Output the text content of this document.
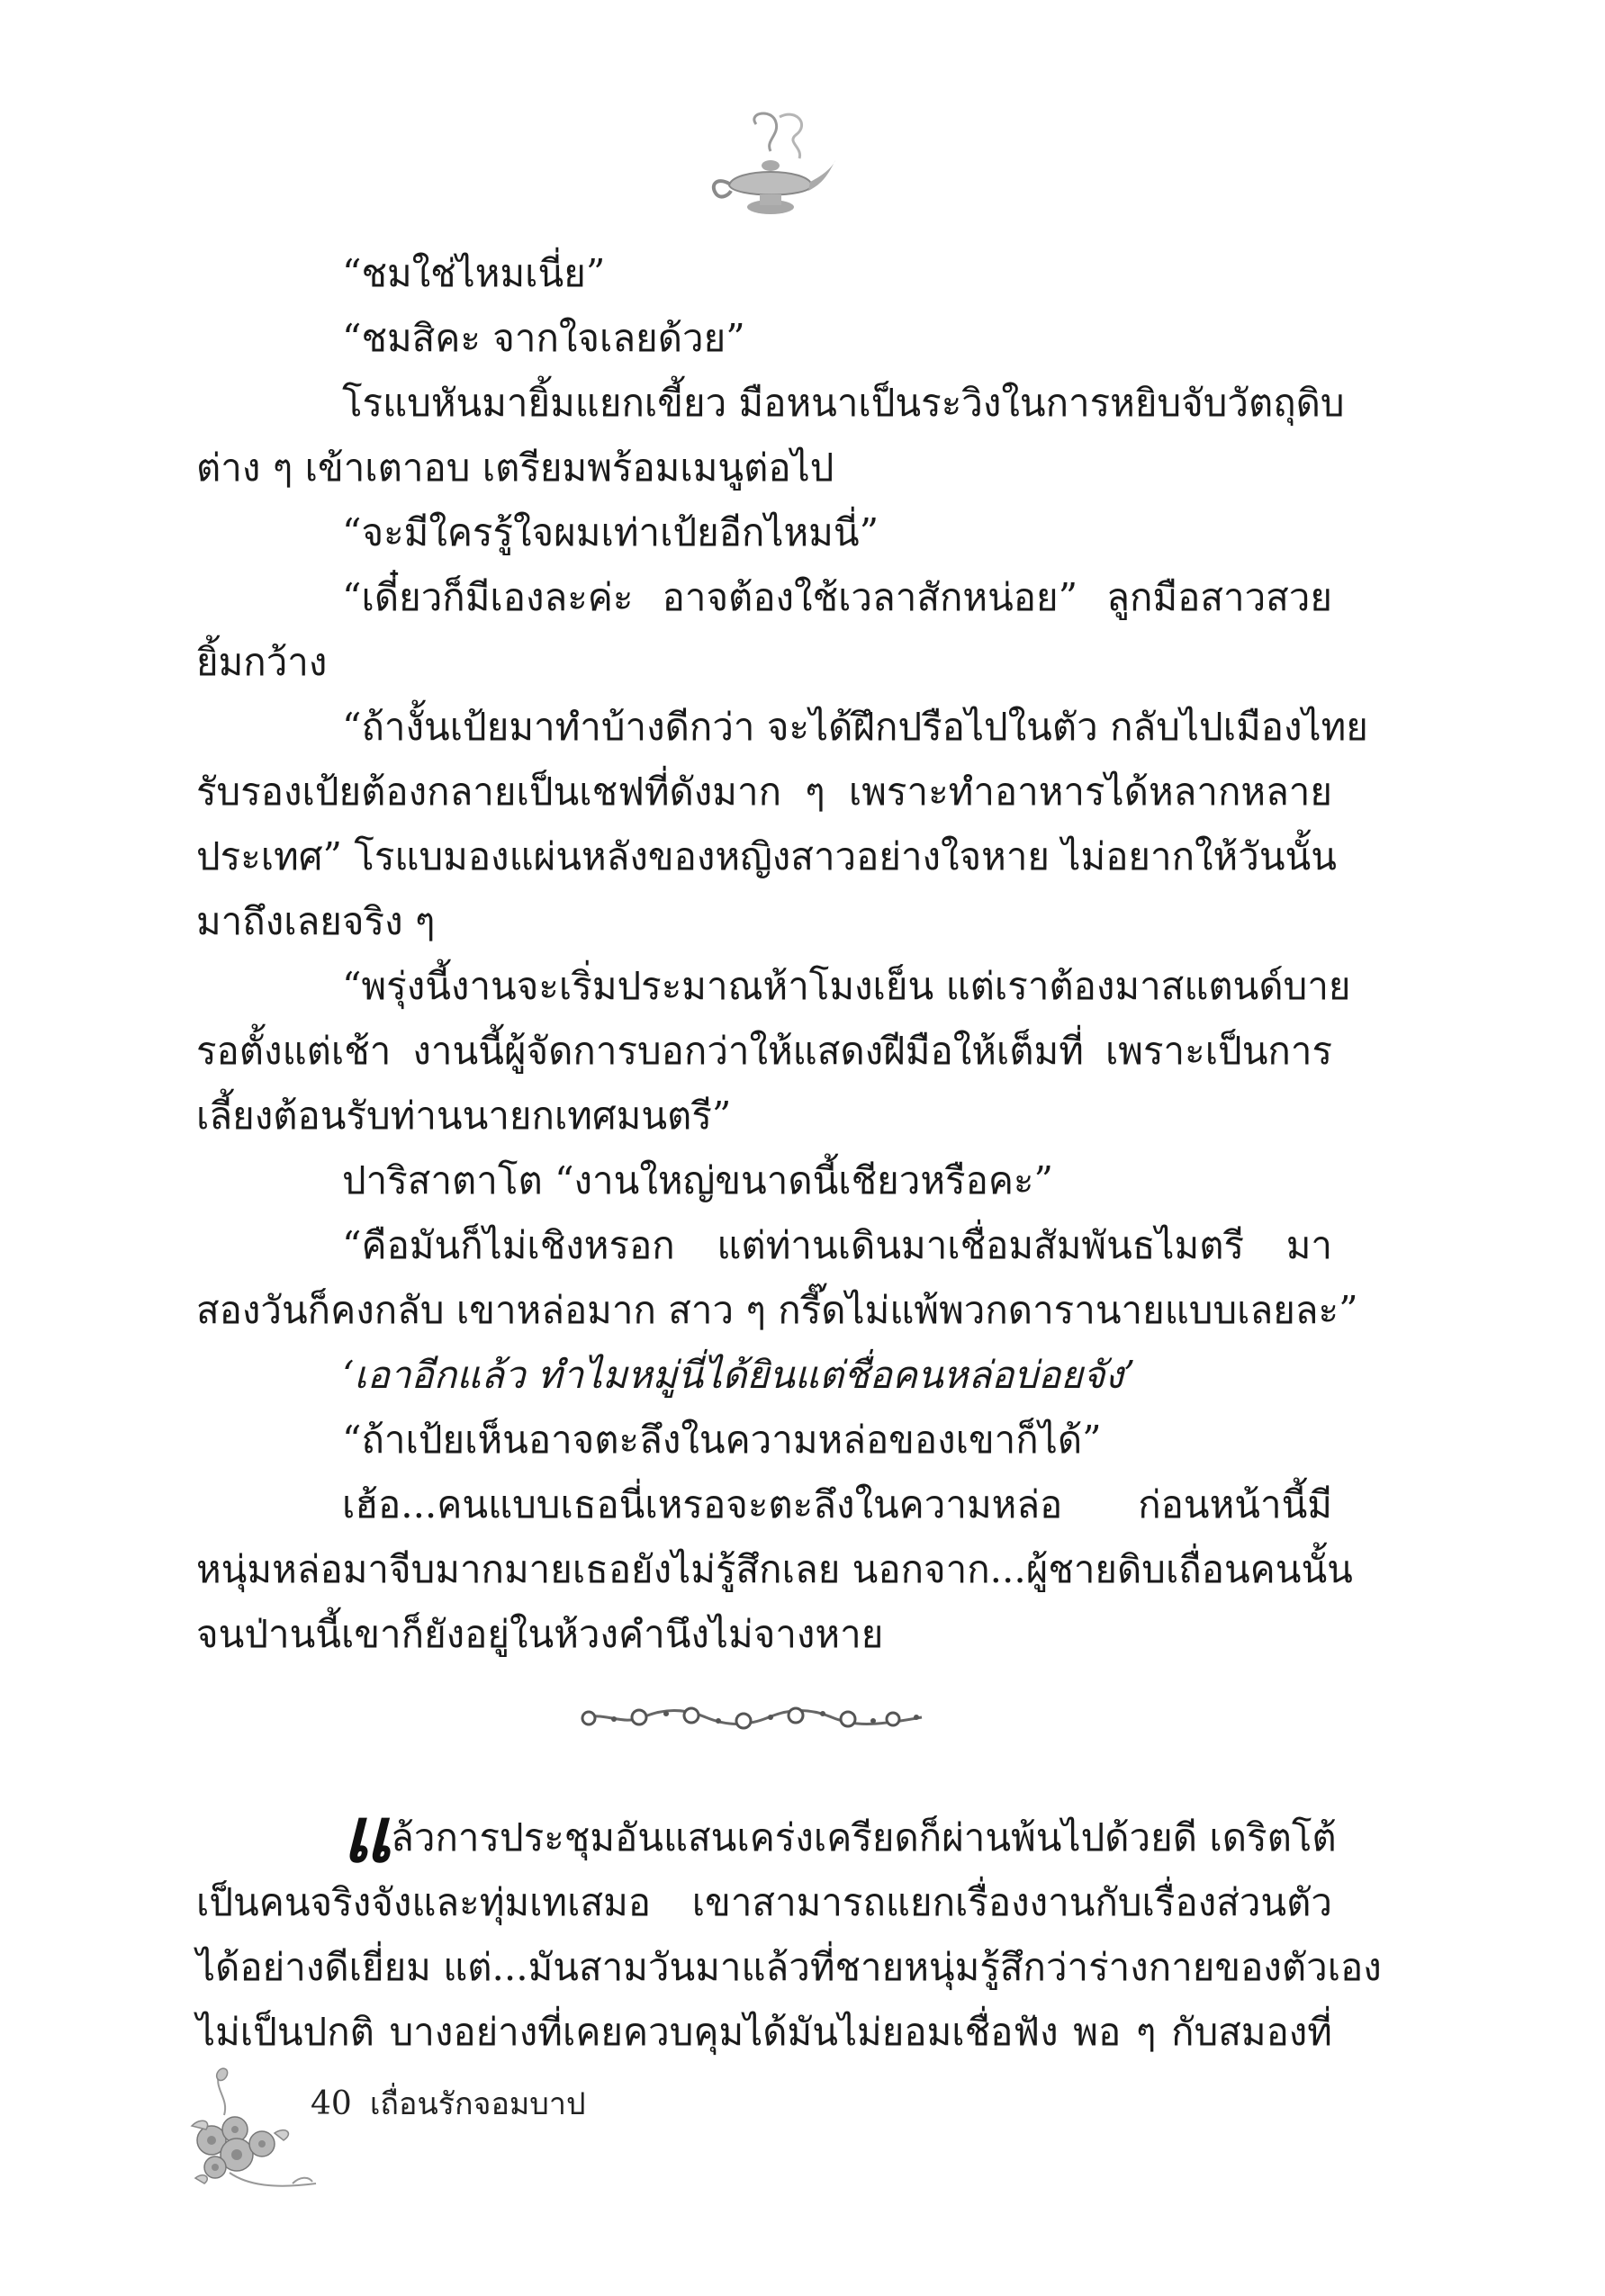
“ชมใช่ไหมเนี่ย”
“ชมสิคะ จากใจเลยด้วย”
โรแบหันมายิ้มแยกเขี้ยว มือหนาเป็นระวิงในการหยิบจับวัตถุดิบ
ต่าง ๆ เข้าเตาอบ เตรียมพร้อมเมนูต่อไป
“จะมีใครรู้ใจผมเท่าเป้ยอีกไหมนี่”
“เดี๋ยวก็มีเองละค่ะ อาจต้องใช้เวลาสักหน่อย” ลูกมือสาวสวย
ยิ้มกว้าง
“ถ้างั้นเป้ยมาทำบ้างดีกว่า จะได้ฝึกปรือไปในตัว กลับไปเมืองไทย
รับรองเป้ยต้องกลายเป็นเชฟที่ดังมาก ๆ เพราะทำอาหารได้หลากหลาย
ประเทศ” โรแบมองแผ่นหลังของหญิงสาวอย่างใจหาย ไม่อยากให้วันนั้น
มาถึงเลยจริง ๆ
“พรุ่งนี้งานจะเริ่มประมาณห้าโมงเย็น แต่เราต้องมาสแตนด์บาย
รอตั้งแต่เช้า งานนี้ผู้จัดการบอกว่าให้แสดงฝีมือให้เต็มที่ เพราะเป็นการ
เลี้ยงต้อนรับท่านนายกเทศมนตรี”
ปาริสาตาโต “งานใหญ่ขนาดนี้เชียวหรือคะ”
“คือมันก็ไม่เชิงหรอก แต่ท่านเดินมาเชื่อมสัมพันธไมตรี มา
สองวันก็คงกลับ เขาหล่อมาก สาว ๆ กรี๊ดไม่แพ้พวกดารานายแบบเลยละ”
‘เอาอีกแล้ว ทำไมหมู่นี่ได้ยินแต่ชื่อคนหล่อบ่อยจัง’
“ถ้าเป้ยเห็นอาจตะลึงในความหล่อของเขาก็ได้”
เฮ้อ...คนแบบเธอนี่เหรอจะตะลึงในความหล่อ ก่อนหน้านี้มี
หนุ่มหล่อมาจีบมากมายเธอยังไม่รู้สึกเลย นอกจาก...ผู้ชายดิบเถื่อนคนนั้น
จนป่านนี้เขาก็ยังอยู่ในห้วงคำนึงไม่จางหาย
แ ล้วการประชุมอันแสนเคร่งเครียดก็ผ่านพ้นไปด้วยดี เดริตโต้
เป็นคนจริงจังและทุ่มเทเสมอ เขาสามารถแยกเรื่องงานกับเรื่องส่วนตัว
ได้อย่างดีเยี่ยม แต่...มันสามวันมาแล้วที่ชายหนุ่มรู้สึกว่าร่างกายของตัวเอง
ไม่เป็นปกติ บางอย่างที่เคยควบคุมได้มันไม่ยอมเชื่อฟัง พอ ๆ กับสมองที่
40 เถื่อนรักจอมบาป
